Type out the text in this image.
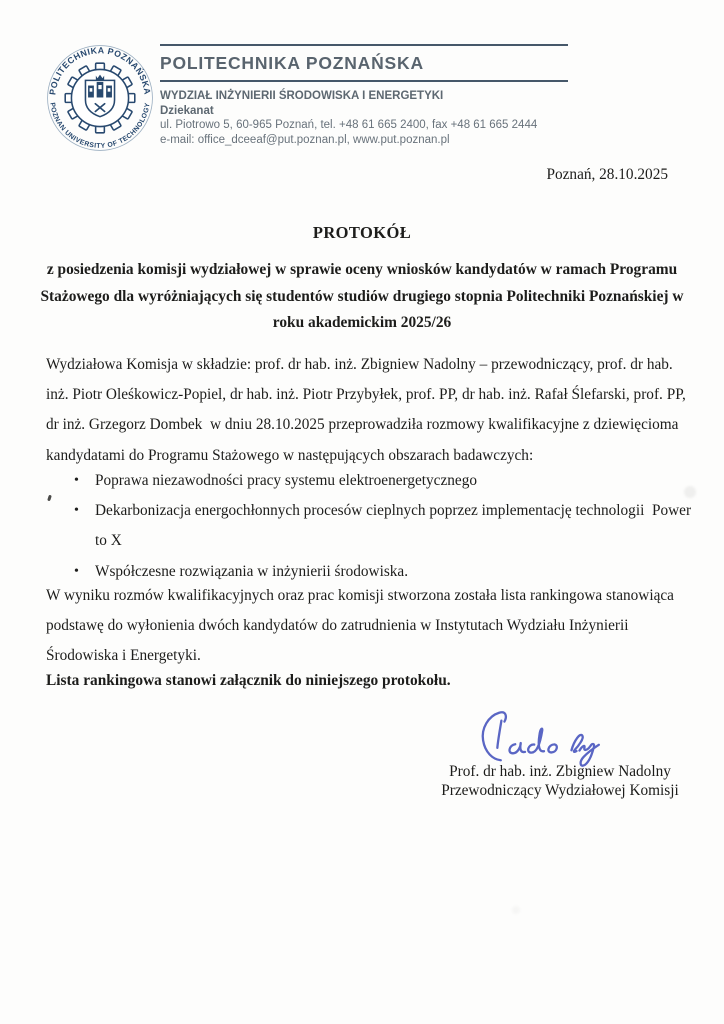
POLITECHNIKA POZNAŃSKA
POZNAN UNIVERSITY OF TECHNOLOGY
POLITECHNIKA POZNAŃSKA
WYDZIAŁ INŻYNIERII ŚRODOWISKA I ENERGETYKI
Dziekanat
ul. Piotrowo 5, 60-965 Poznań, tel. +48 61 665 2400, fax +48 61 665 2444
e-mail: office_dceeaf@put.poznan.pl, www.put.poznan.pl
Poznań, 28.10.2025
PROTOKÓŁ
z posiedzenia komisji wydziałowej w sprawie oceny wniosków kandydatów w ramach Programu
Stażowego dla wyróżniających się studentów studiów drugiego stopnia Politechniki Poznańskiej w
roku akademickim 2025/26
Wydziałowa Komisja w składzie: prof. dr hab. inż. Zbigniew Nadolny – przewodniczący, prof. dr hab.
inż. Piotr Oleśkowicz-Popiel, dr hab. inż. Piotr Przybyłek, prof. PP, dr hab. inż. Rafał Ślefarski, prof. PP,
dr inż. Grzegorz Dombek  w dniu 28.10.2025 przeprowadziła rozmowy kwalifikacyjne z dziewięcioma
kandydatami do Programu Stażowego w następujących obszarach badawczych:
• Poprawa niezawodności pracy systemu elektroenergetycznego
• Dekarbonizacja energochłonnych procesów cieplnych poprzez implementację technologii  Power
to X
• Współczesne rozwiązania w inżynierii środowiska.
W wyniku rozmów kwalifikacyjnych oraz prac komisji stworzona została lista rankingowa stanowiąca
podstawę do wyłonienia dwóch kandydatów do zatrudnienia w Instytutach Wydziału Inżynierii
Środowiska i Energetyki.
Lista rankingowa stanowi załącznik do niniejszego protokołu.
Prof. dr hab. inż. Zbigniew Nadolny
Przewodniczący Wydziałowej Komisji
